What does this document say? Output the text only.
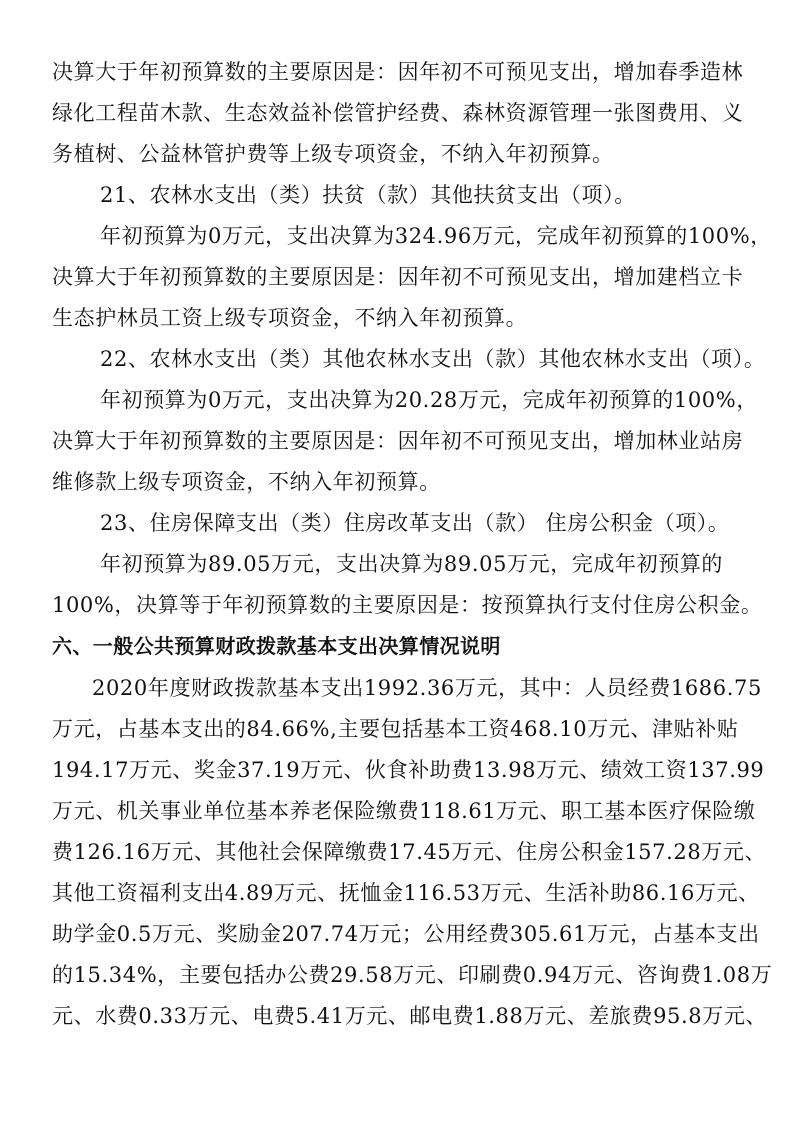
决算大于年初预算数的主要原因是：因年初不可预见支出，增加春季造林
绿化工程苗木款、生态效益补偿管护经费、森林资源管理一张图费用、义
务植树、公益林管护费等上级专项资金，不纳入年初预算。
21、农林水支出（类）扶贫（款）其他扶贫支出（项）。
年初预算为0万元，支出决算为324.96万元，完成年初预算的100%，
决算大于年初预算数的主要原因是：因年初不可预见支出，增加建档立卡
生态护林员工资上级专项资金，不纳入年初预算。
22、农林水支出（类）其他农林水支出（款）其他农林水支出（项）。
年初预算为0万元，支出决算为20.28万元，完成年初预算的100%，
决算大于年初预算数的主要原因是：因年初不可预见支出，增加林业站房
维修款上级专项资金，不纳入年初预算。
23、住房保障支出（类）住房改革支出（款） 住房公积金（项）。
年初预算为89.05万元，支出决算为89.05万元，完成年初预算的
100%，决算等于年初预算数的主要原因是：按预算执行支付住房公积金。
六、一般公共预算财政拨款基本支出决算情况说明
2020年度财政拨款基本支出1992.36万元，其中：人员经费1686.75
万元，占基本支出的84.66%,主要包括基本工资468.10万元、津贴补贴
194.17万元、奖金37.19万元、伙食补助费13.98万元、绩效工资137.99
万元、机关事业单位基本养老保险缴费118.61万元、职工基本医疗保险缴
费126.16万元、其他社会保障缴费17.45万元、住房公积金157.28万元、
其他工资福利支出4.89万元、抚恤金116.53万元、生活补助86.16万元、
助学金0.5万元、奖励金207.74万元；公用经费305.61万元，占基本支出
的15.34%，主要包括办公费29.58万元、印刷费0.94万元、咨询费1.08万
元、水费0.33万元、电费5.41万元、邮电费1.88万元、差旅费95.8万元、
